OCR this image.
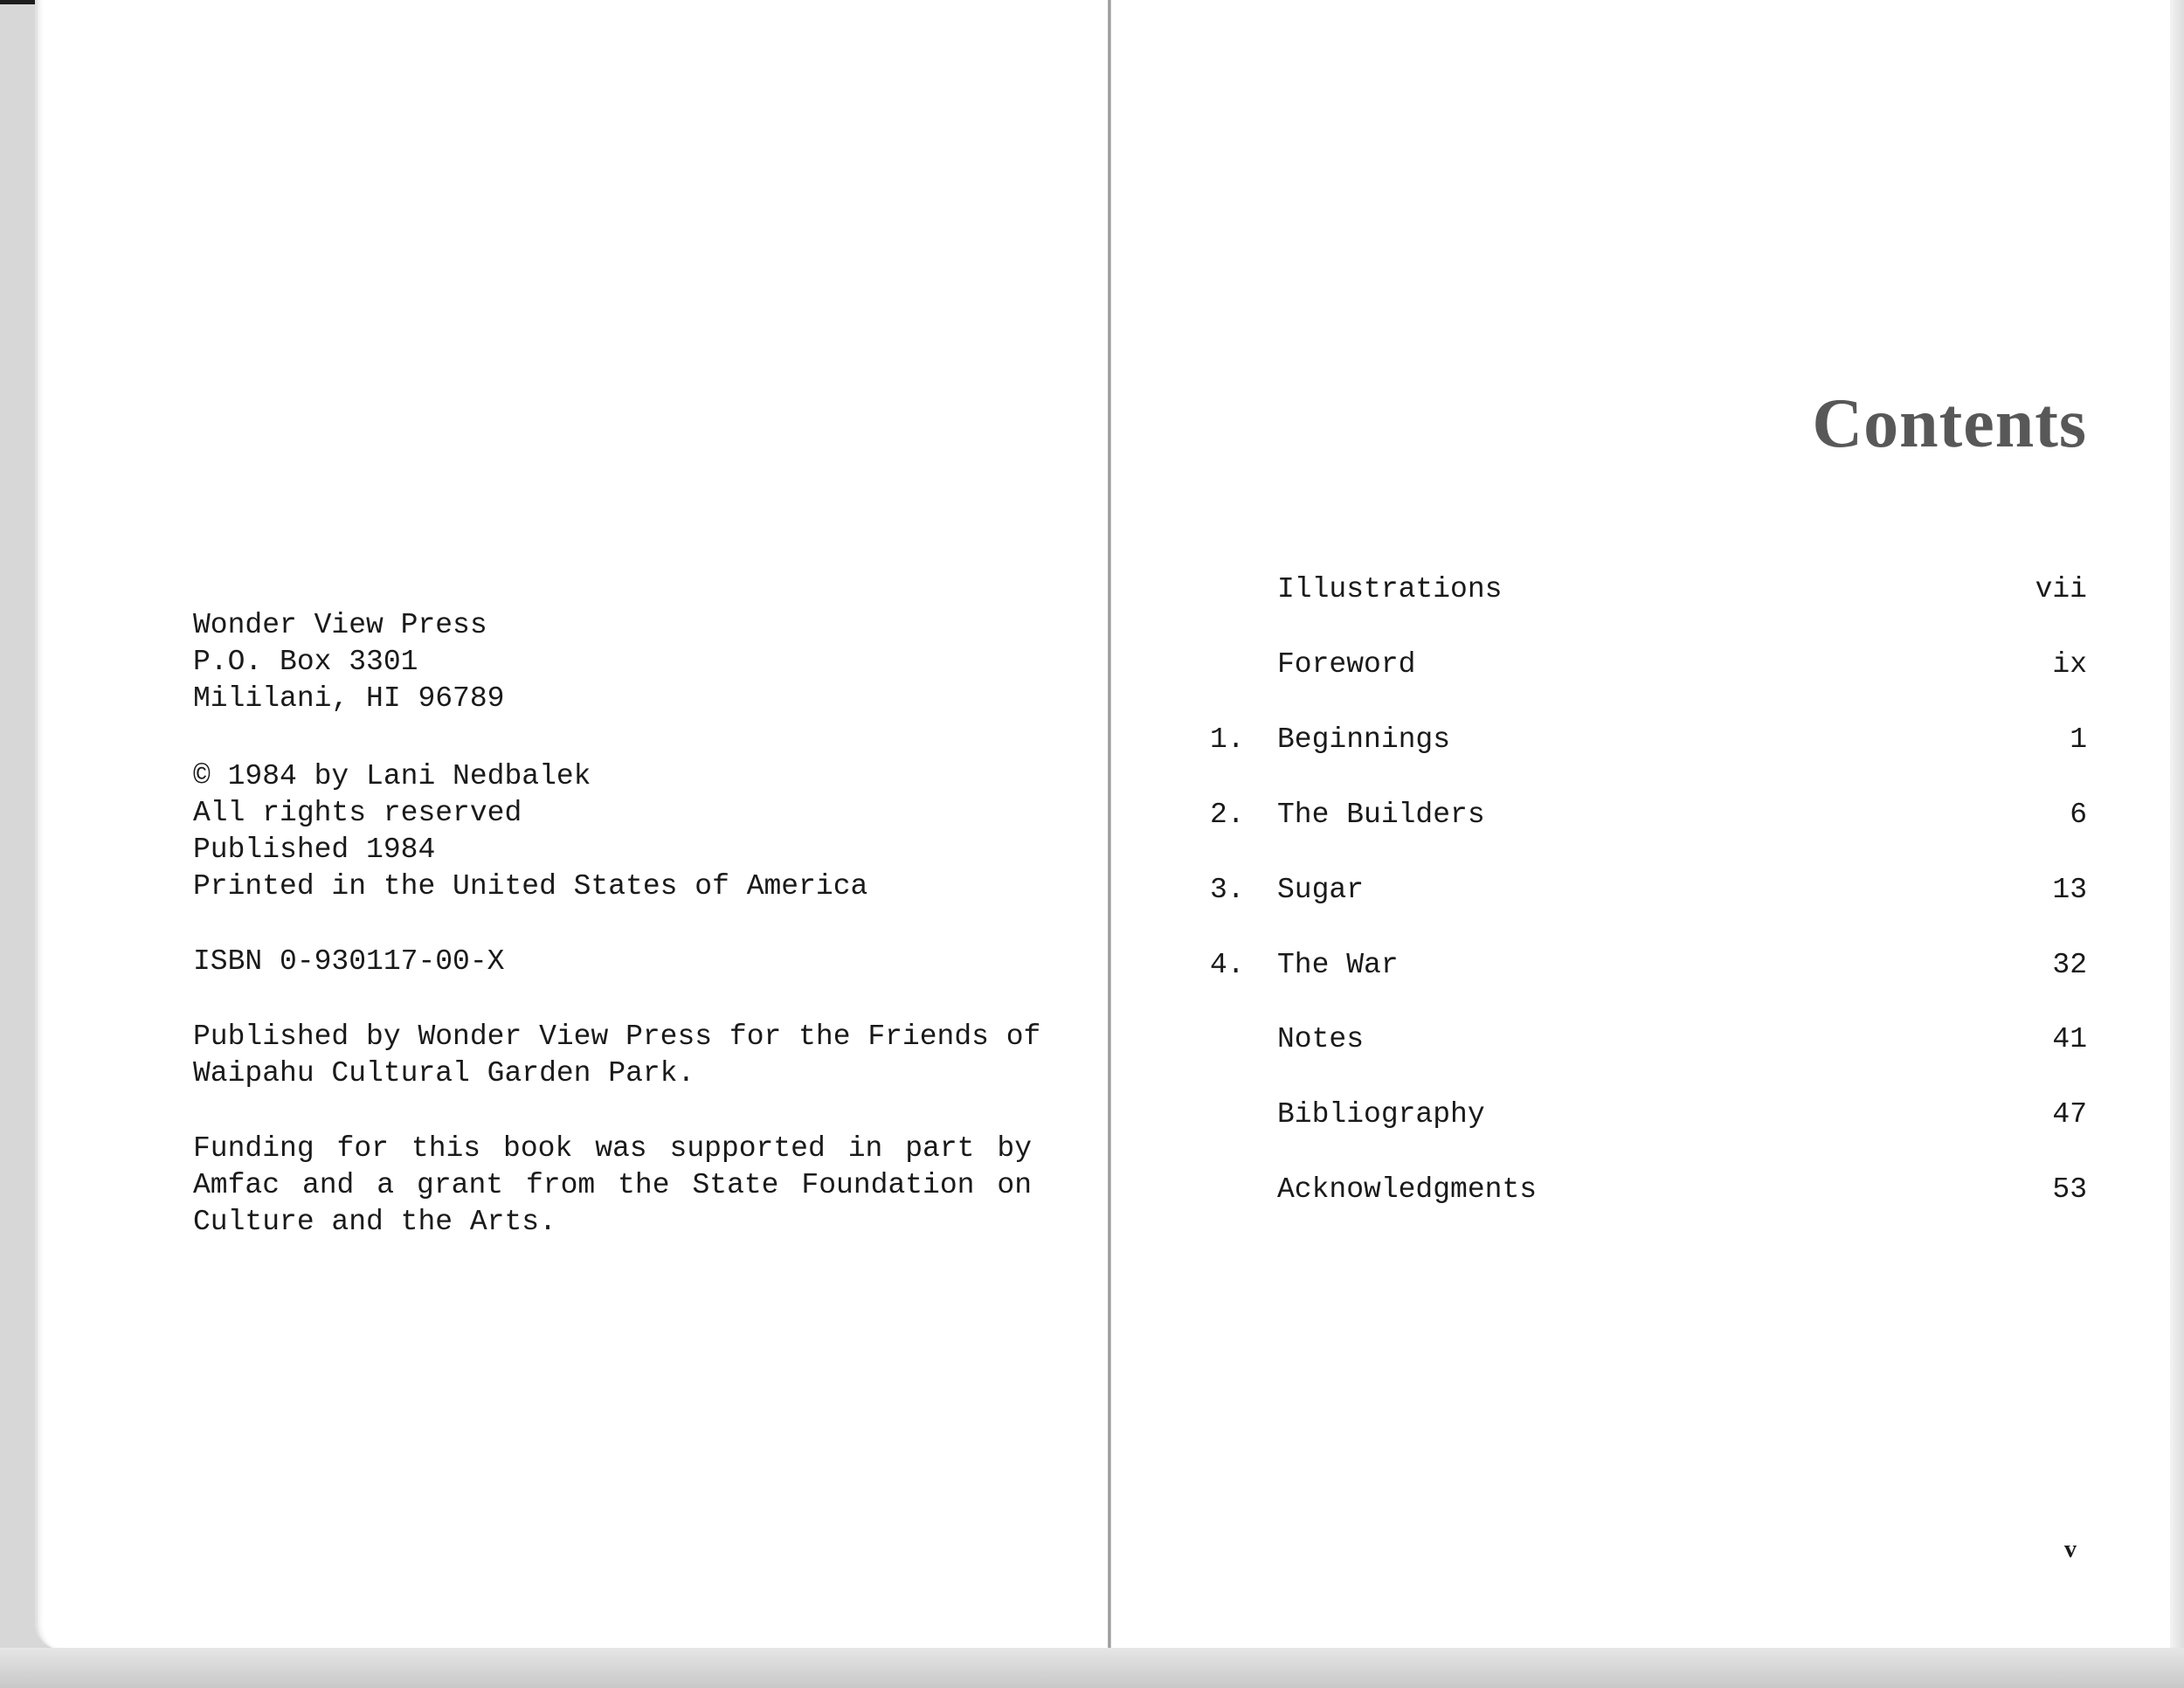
Wonder View Press
P.O. Box 3301
Mililani, HI 96789
© 1984 by Lani Nedbalek
All rights reserved
Published 1984
Printed in the United States of America
ISBN 0-930117-00-X
Published by Wonder View Press for the Friends of
Waipahu Cultural Garden Park.
Funding for this book was supported in part by
Amfac and a grant from the State Foundation on
Culture and the Arts.
Contents
Illustrations	vii
Foreword	ix
1. Beginnings	1
2. The Builders	6
3. Sugar	13
4. The War	32
Notes	41
Bibliography	47
Acknowledgments	53
v
